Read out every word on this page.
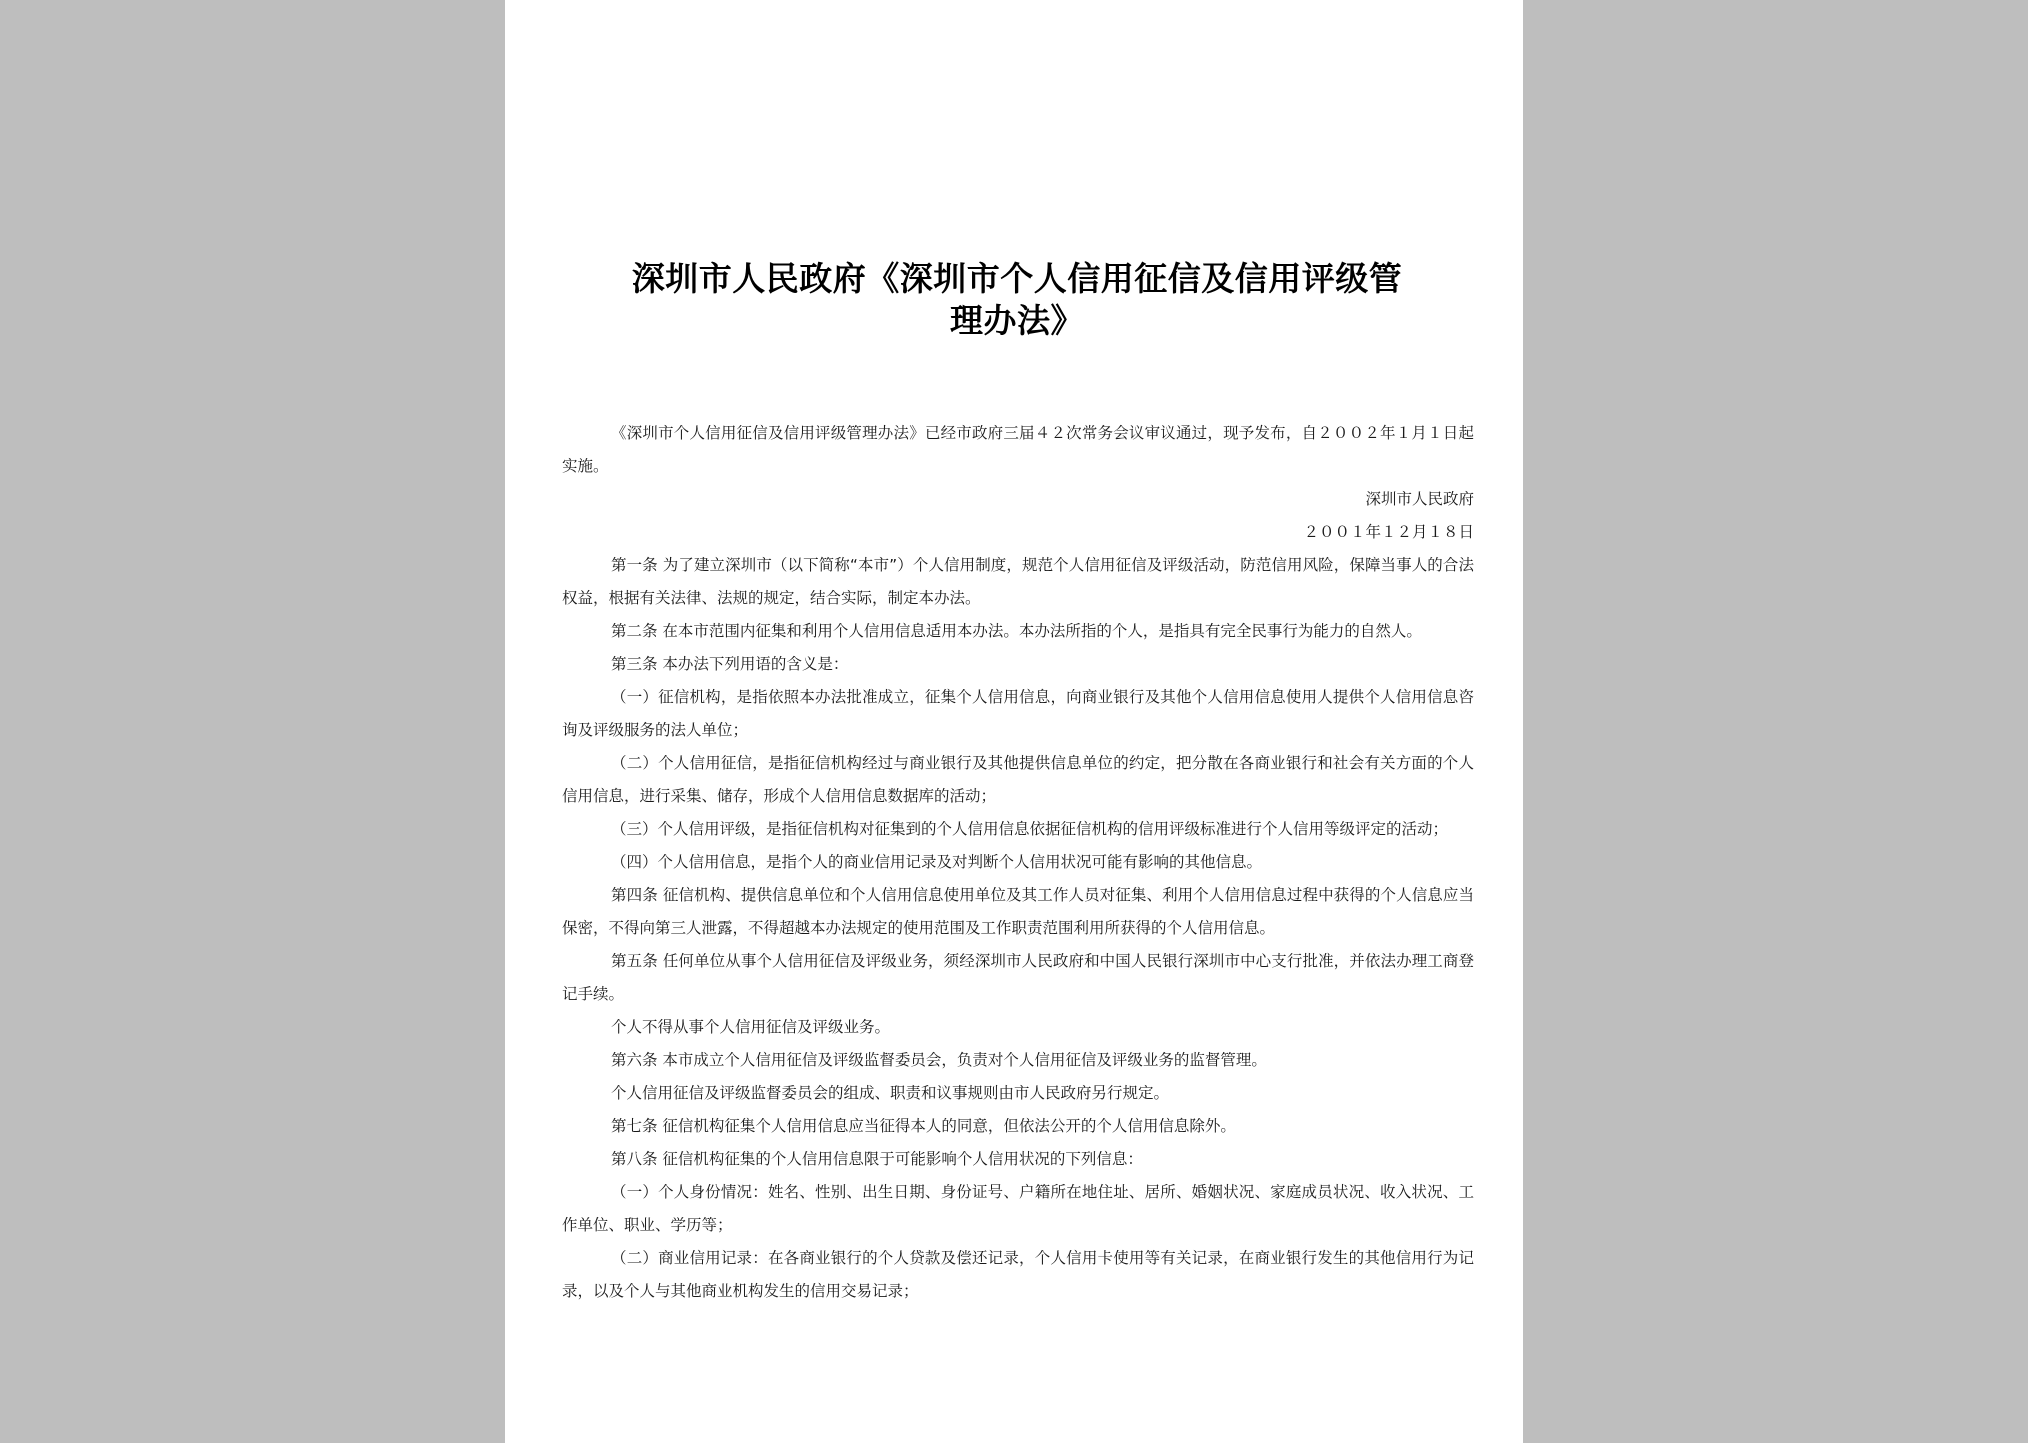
深圳市人民政府《深圳市个人信用征信及信用评级管
理办法》

《深圳市个人信用征信及信用评级管理办法》已经市政府三届４２次常务会议审议通过，现予发布，自２００２年１月１日起实施。

深圳市人民政府

２００１年１２月１８日

第一条 为了建立深圳市（以下简称“本市”）个人信用制度，规范个人信用征信及评级活动，防范信用风险，保障当事人的合法权益，根据有关法律、法规的规定，结合实际，制定本办法。

第二条 在本市范围内征集和利用个人信用信息适用本办法。本办法所指的个人，是指具有完全民事行为能力的自然人。

第三条 本办法下列用语的含义是：

（一）征信机构，是指依照本办法批准成立，征集个人信用信息，向商业银行及其他个人信用信息使用人提供个人信用信息咨询及评级服务的法人单位；

（二）个人信用征信，是指征信机构经过与商业银行及其他提供信息单位的约定，把分散在各商业银行和社会有关方面的个人信用信息，进行采集、储存，形成个人信用信息数据库的活动；

（三）个人信用评级，是指征信机构对征集到的个人信用信息依据征信机构的信用评级标准进行个人信用等级评定的活动；

（四）个人信用信息，是指个人的商业信用记录及对判断个人信用状况可能有影响的其他信息。

第四条 征信机构、提供信息单位和个人信用信息使用单位及其工作人员对征集、利用个人信用信息过程中获得的个人信息应当保密，不得向第三人泄露，不得超越本办法规定的使用范围及工作职责范围利用所获得的个人信用信息。

第五条 任何单位从事个人信用征信及评级业务，须经深圳市人民政府和中国人民银行深圳市中心支行批准，并依法办理工商登记手续。

个人不得从事个人信用征信及评级业务。

第六条 本市成立个人信用征信及评级监督委员会，负责对个人信用征信及评级业务的监督管理。

个人信用征信及评级监督委员会的组成、职责和议事规则由市人民政府另行规定。

第七条 征信机构征集个人信用信息应当征得本人的同意，但依法公开的个人信用信息除外。

第八条 征信机构征集的个人信用信息限于可能影响个人信用状况的下列信息：

（一）个人身份情况：姓名、性别、出生日期、身份证号、户籍所在地住址、居所、婚姻状况、家庭成员状况、收入状况、工作单位、职业、学历等；

（二）商业信用记录：在各商业银行的个人贷款及偿还记录，个人信用卡使用等有关记录，在商业银行发生的其他信用行为记录，以及个人与其他商业机构发生的信用交易记录；
